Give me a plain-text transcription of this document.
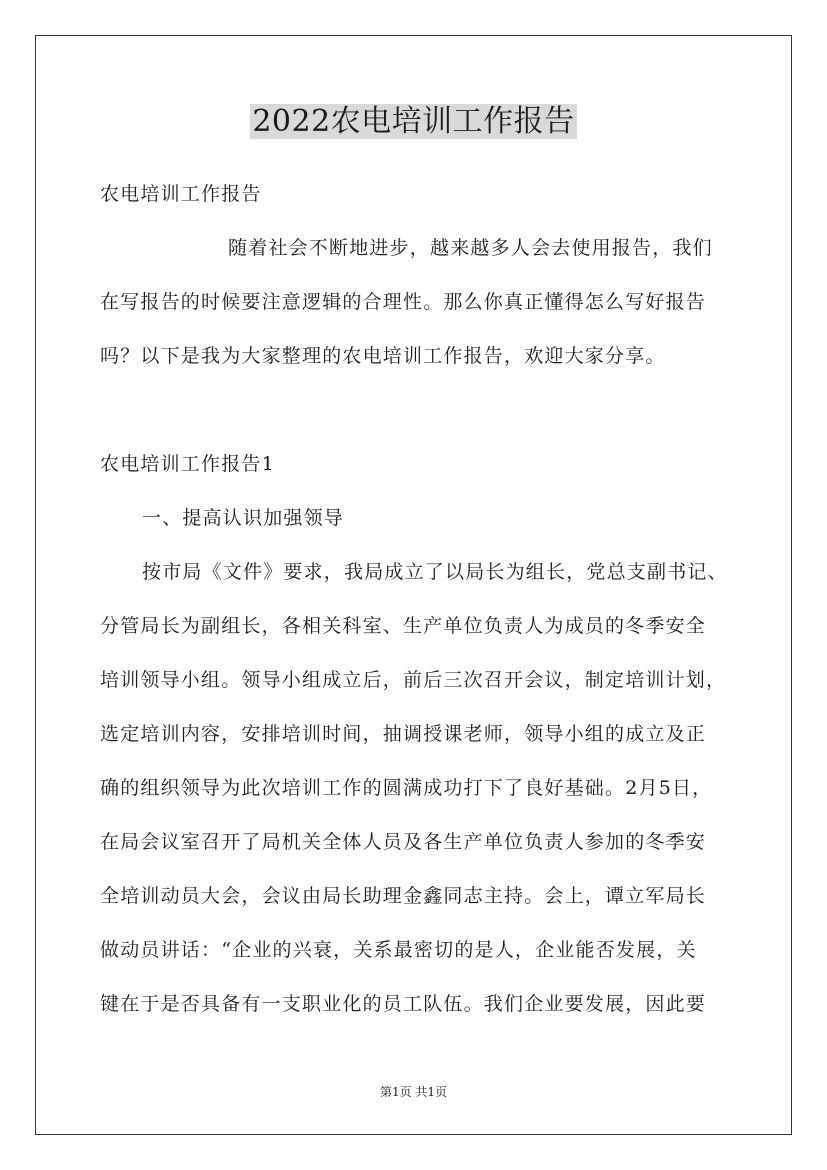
2022农电培训工作报告
农电培训工作报告
随着社会不断地进步，越来越多人会去使用报告，我们
在写报告的时候要注意逻辑的合理性。那么你真正懂得怎么写好报告
吗？以下是我为大家整理的农电培训工作报告，欢迎大家分享。
农电培训工作报告1
一、提高认识加强领导
按市局《文件》要求，我局成立了以局长为组长，党总支副书记、
分管局长为副组长，各相关科室、生产单位负责人为成员的冬季安全
培训领导小组。领导小组成立后，前后三次召开会议，制定培训计划，
选定培训内容，安排培训时间，抽调授课老师，领导小组的成立及正
确的组织领导为此次培训工作的圆满成功打下了良好基础。2月5日，
在局会议室召开了局机关全体人员及各生产单位负责人参加的冬季安
全培训动员大会，会议由局长助理金鑫同志主持。会上，谭立军局长
做动员讲话：“企业的兴衰，关系最密切的是人，企业能否发展，关
键在于是否具备有一支职业化的员工队伍。我们企业要发展，因此要
第1页 共1页
